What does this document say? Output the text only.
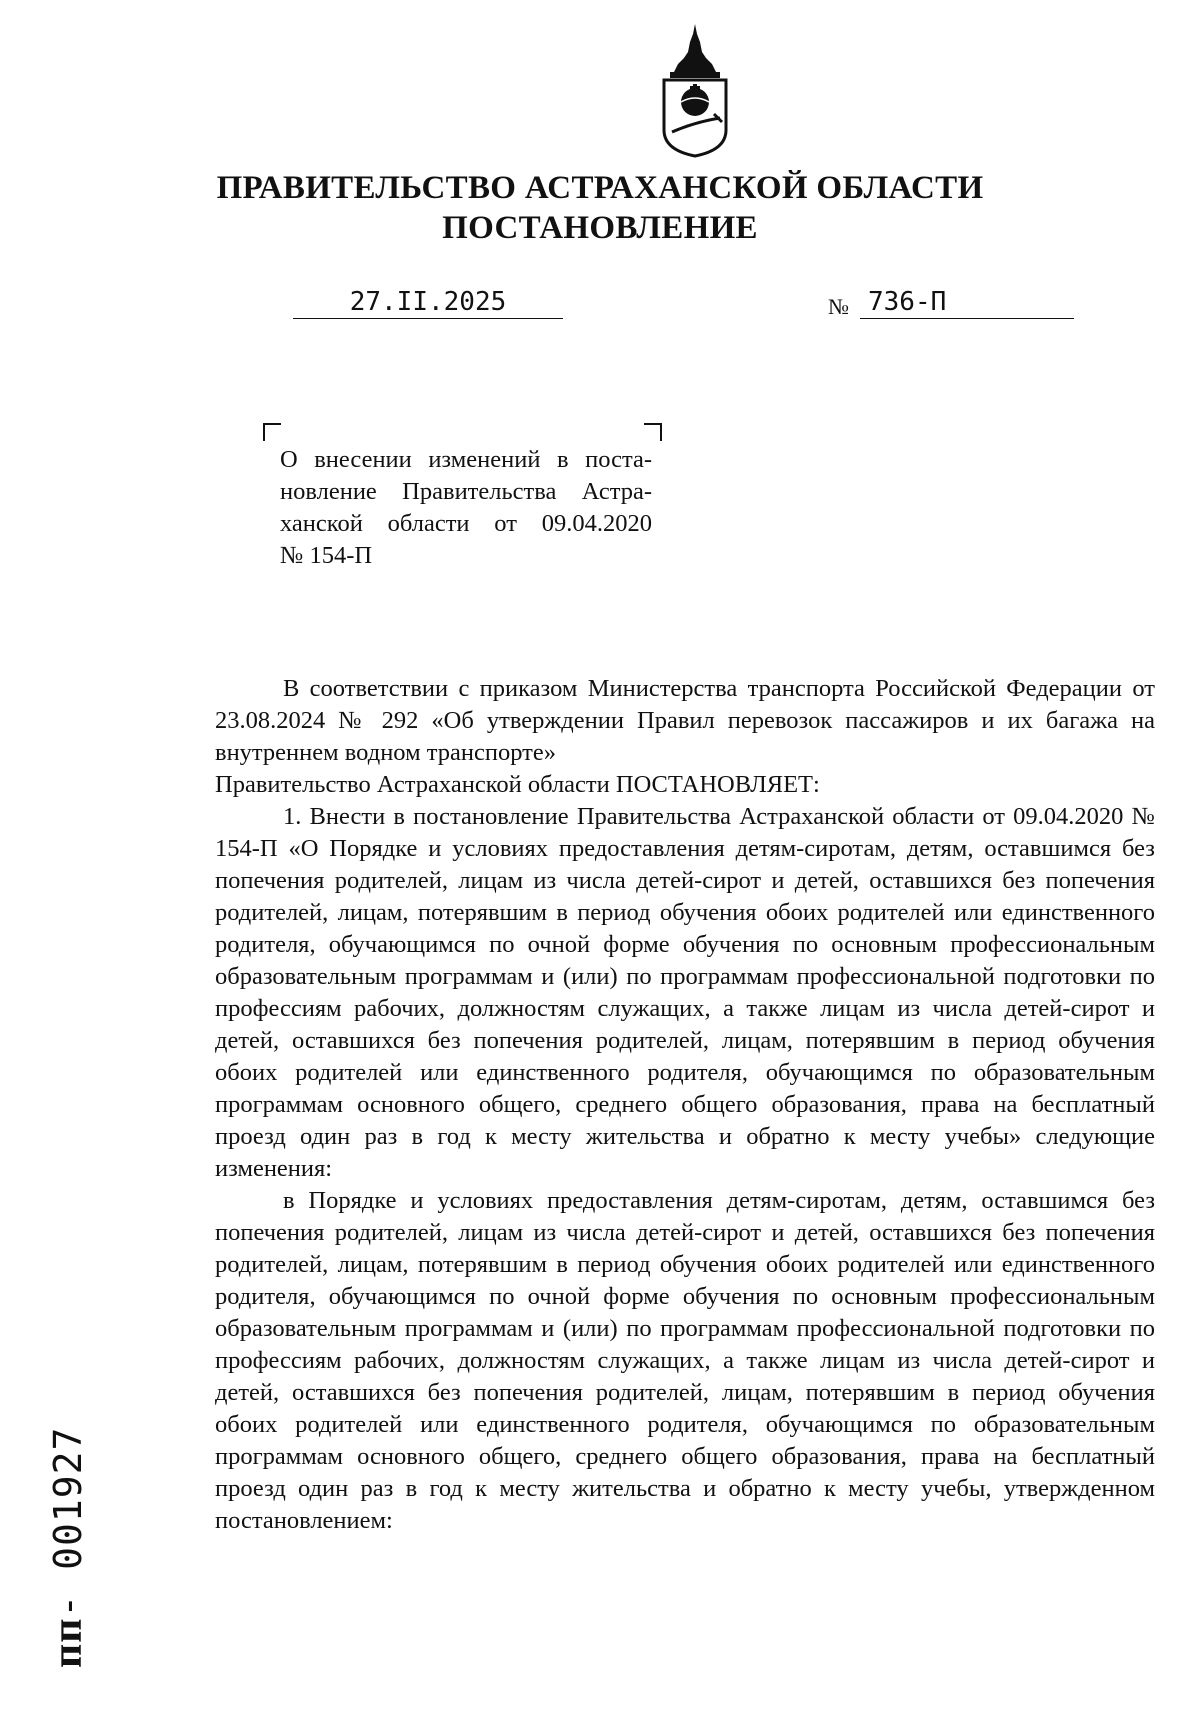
ПРАВИТЕЛЬСТВО АСТРАХАНСКОЙ ОБЛАСТИ
ПОСТАНОВЛЕНИЕ
27.II.2025	№ 736-П
О внесении изменений в поста-
новление Правительства Астра-
ханской области от 09.04.2020
№ 154-П

В соответствии с приказом Министерства транспорта Российской Федерации от 23.08.2024 № 292 «Об утверждении Правил перевозок пассажиров и их багажа на внутреннем водном транспорте»

Правительство Астраханской области ПОСТАНОВЛЯЕТ:

1. Внести в постановление Правительства Астраханской области от 09.04.2020 № 154-П «О Порядке и условиях предоставления детям-сиротам, детям, оставшимся без попечения родителей, лицам из числа детей-сирот и детей, оставшихся без попечения родителей, лицам, потерявшим в период обучения обоих родителей или единственного родителя, обучающимся по очной форме обучения по основным профессиональным образовательным программам и (или) по программам профессиональной подготовки по профессиям рабочих, должностям служащих, а также лицам из числа детей-сирот и детей, оставшихся без попечения родителей, лицам, потерявшим в период обучения обоих родителей или единственного родителя, обучающимся по образовательным программам основного общего, среднего общего образования, права на бесплатный проезд один раз в год к месту жительства и обратно к месту учебы» следующие изменения:

в Порядке и условиях предоставления детям-сиротам, детям, оставшимся без попечения родителей, лицам из числа детей-сирот и детей, оставшихся без попечения родителей, лицам, потерявшим в период обучения обоих родителей или единственного родителя, обучающимся по очной форме обучения по основным профессиональным образовательным программам и (или) по программам профессиональной подготовки по профессиям рабочих, должностям служащих, а также лицам из числа детей-сирот и детей, оставшихся без попечения родителей, лицам, потерявшим в период обучения обоих родителей или единственного родителя, обучающимся по образовательным программам основного общего, среднего общего образования, права на бесплатный проезд один раз в год к месту жительства и обратно к месту учебы, утвержденном постановлением:

пп- 001927
